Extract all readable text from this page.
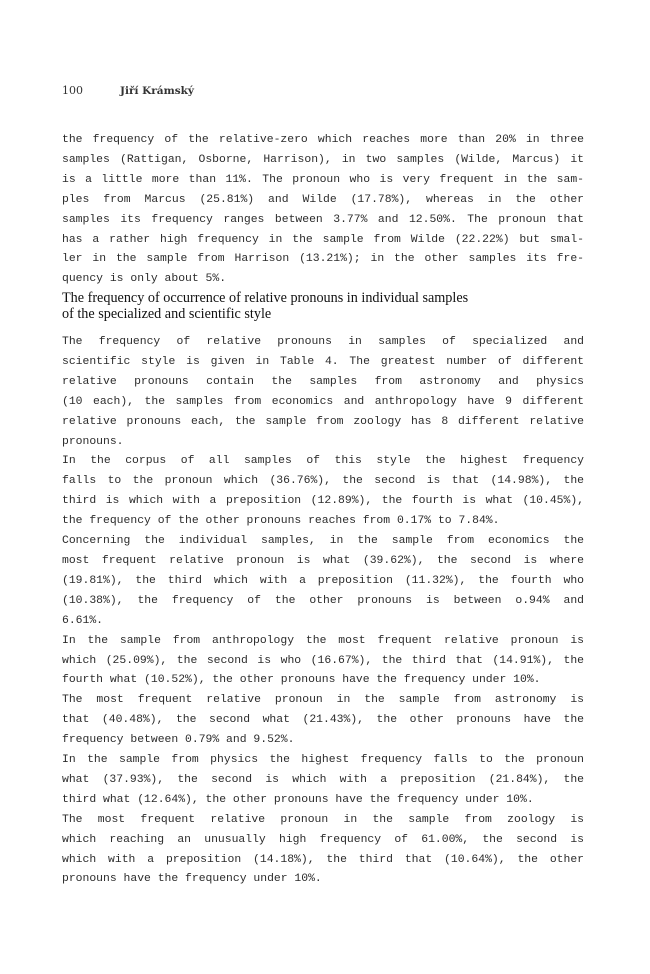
100	Jiří Krámský

the frequency of the relative-zero which reaches more than 20% in three
samples (Rattigan, Osborne, Harrison), in two samples (Wilde, Marcus) it
is a little more than 11%. The pronoun who is very frequent in the sam-
ples from Marcus (25.81%) and Wilde (17.78%), whereas in the other
samples its frequency ranges between 3.77% and 12.50%. The pronoun that
has a rather high frequency in the sample from Wilde (22.22%) but smal-
ler in the sample from Harrison (13.21%); in the other samples its fre-
quency is only about 5%.

The frequency of occurrence of relative pronouns in individual samples
of the specialized and scientific style

The frequency of relative pronouns in samples of specialized and
scientific style is given in Table 4. The greatest number of different
relative pronouns contain the samples from astronomy and physics
(10 each), the samples from economics and anthropology have 9 different
relative pronouns each, the sample from zoology has 8 different relative
pronouns.

In the corpus of all samples of this style the highest frequency
falls to the pronoun which (36.76%), the second is that (14.98%), the
third is which with a preposition (12.89%), the fourth is what (10.45%),
the frequency of the other pronouns reaches from 0.17% to 7.84%.

Concerning the individual samples, in the sample from economics the
most frequent relative pronoun is what (39.62%), the second is where
(19.81%), the third which with a preposition (11.32%), the fourth who
(10.38%), the frequency of the other pronouns is between o.94% and
6.61%.

In the sample from anthropology the most frequent relative pronoun is
which (25.09%), the second is who (16.67%), the third that (14.91%), the
fourth what (10.52%), the other pronouns have the frequency under 10%.

The most frequent relative pronoun in the sample from astronomy is
that (40.48%), the second what (21.43%), the other pronouns have the
frequency between 0.79% and 9.52%.

In the sample from physics the highest frequency falls to the pronoun
what (37.93%), the second is which with a preposition (21.84%), the
third what (12.64%), the other pronouns have the frequency under 10%.

The most frequent relative pronoun in the sample from zoology is
which reaching an unusually high frequency of 61.00%, the second is
which with a preposition (14.18%), the third that (10.64%), the other
pronouns have the frequency under 10%.
